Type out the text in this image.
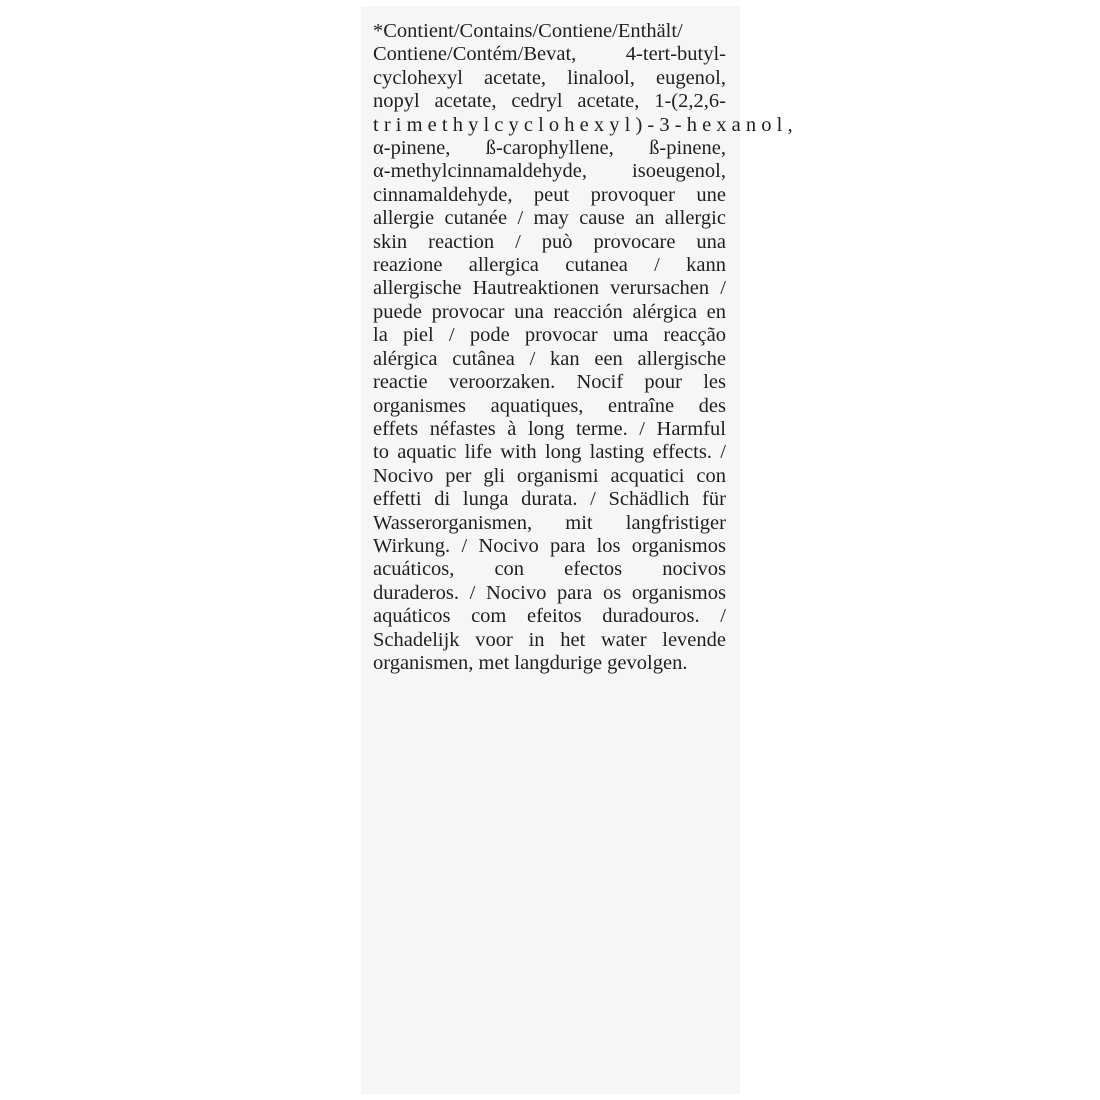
*Contient/Contains/Contiene/Enthält/
Contiene/Contém/Bevat, 4-tert-butyl-
cyclohexyl acetate, linalool, eugenol,
nopyl acetate, cedryl acetate, 1-(2,2,6-
t r i m e t h y l c y c l o h e x y l ) - 3 - h e x a n o l ,
α-pinene, ß-carophyllene, ß-pinene,
α-methylcinnamaldehyde, isoeugenol,
cinnamaldehyde, peut provoquer une
allergie cutanée / may cause an allergic
skin reaction / può provocare una
reazione allergica cutanea / kann
allergische Hautreaktionen verursachen /
puede provocar una reacción alérgica en
la piel / pode provocar uma reacção
alérgica cutânea / kan een allergische
reactie veroorzaken. Nocif pour les
organismes aquatiques, entraîne des
effets néfastes à long terme. / Harmful
to aquatic life with long lasting effects. /
Nocivo per gli organismi acquatici con
effetti di lunga durata. / Schädlich für
Wasserorganismen, mit langfristiger
Wirkung. / Nocivo para los organismos
acuáticos, con efectos nocivos
duraderos. / Nocivo para os organismos
aquáticos com efeitos duradouros. /
Schadelijk voor in het water levende
organismen, met langdurige gevolgen.
